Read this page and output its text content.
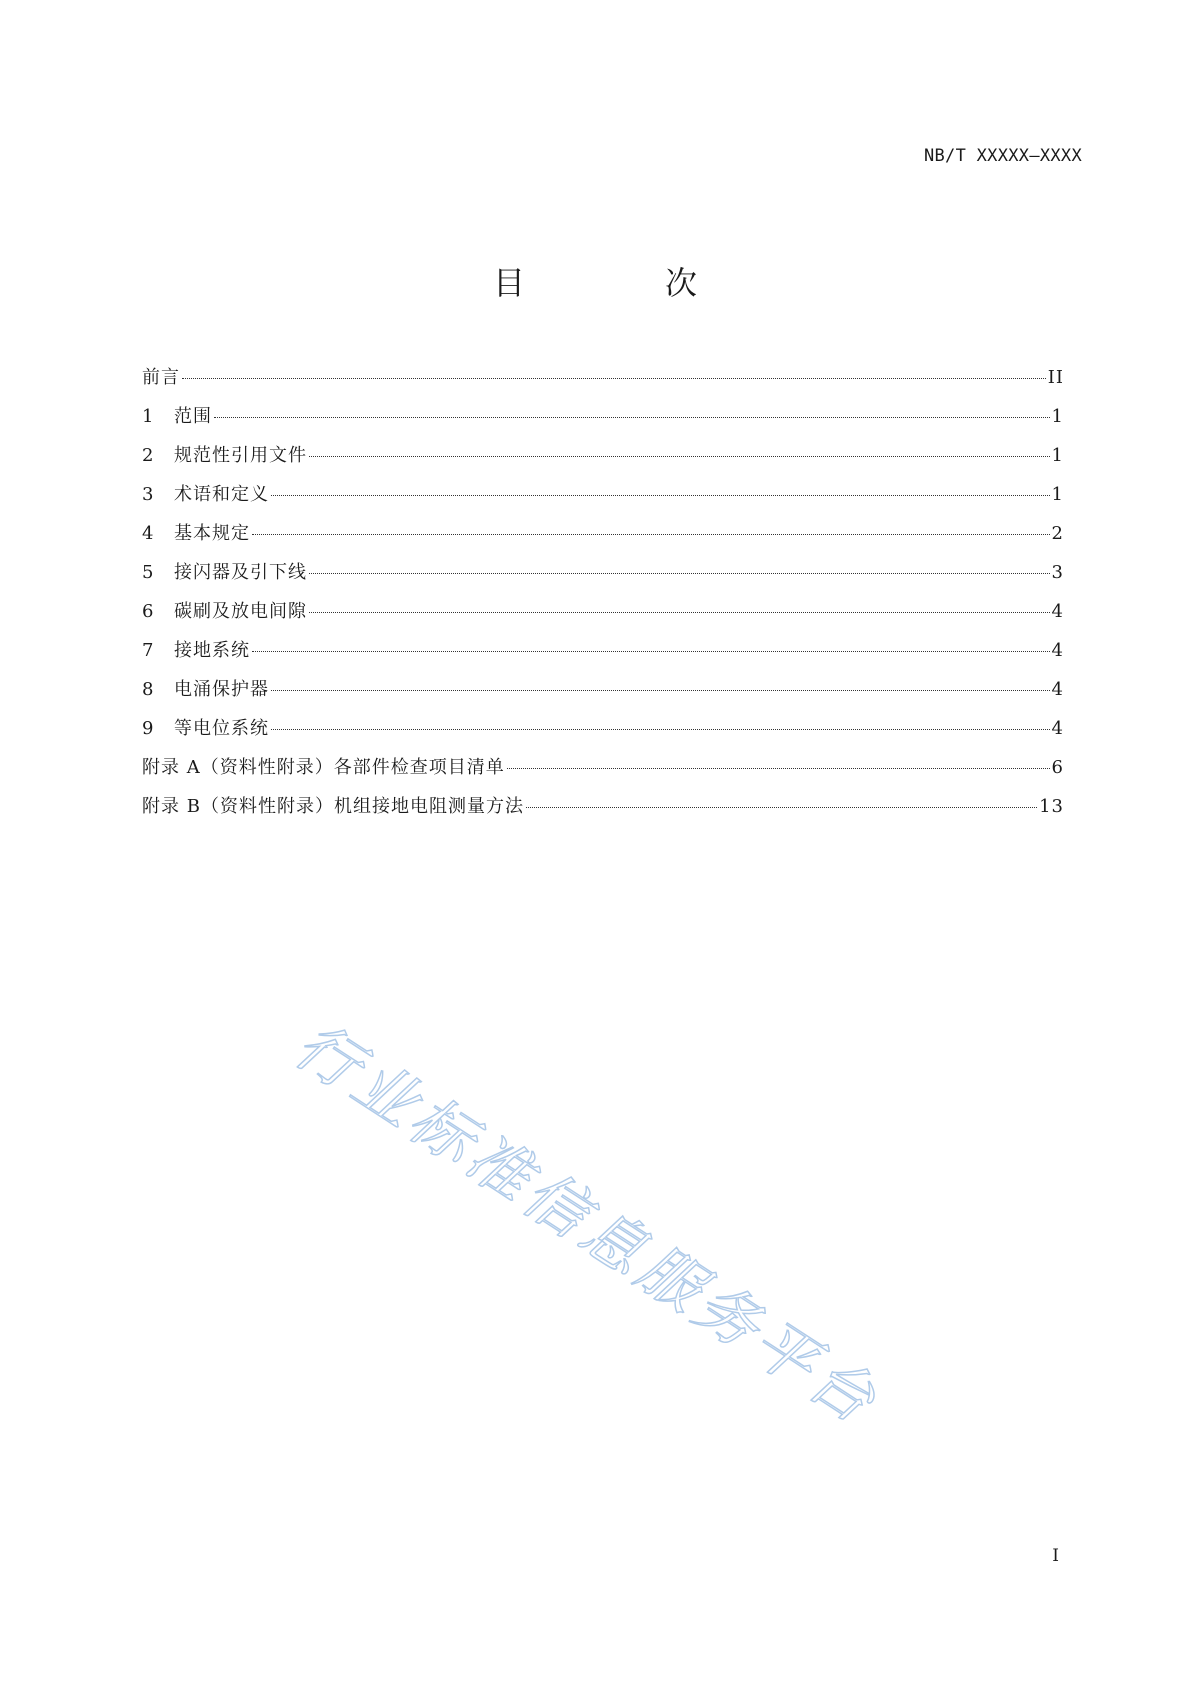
NB/T XXXXX—XXXX
目　次
前言	II
1	范围	1
2	规范性引用文件	1
3	术语和定义	1
4	基本规定	2
5	接闪器及引下线	3
6	碳刷及放电间隙	4
7	接地系统	4
8	电涌保护器	4
9	等电位系统	4
附录 A（资料性附录）各部件检查项目清单	6
附录 B（资料性附录）机组接地电阻测量方法	13
行业标准信息服务平台
I
